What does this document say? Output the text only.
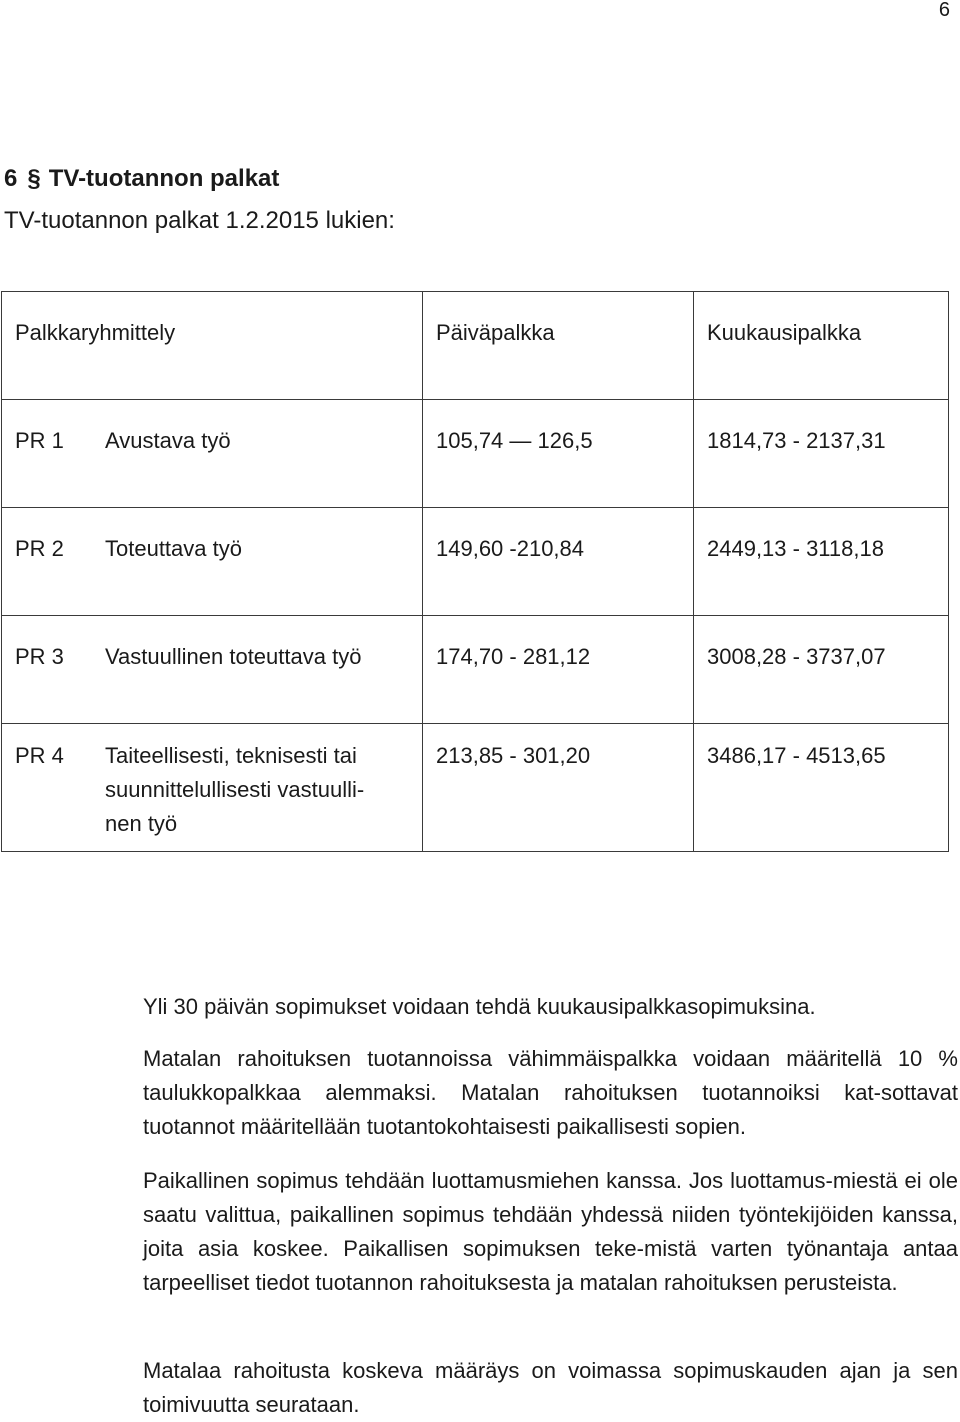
6
6 § TV-tuotannon palkat
TV-tuotannon palkat 1.2.2015 lukien:
Palkkaryhmittely	Päiväpalkka	Kuukausipalkka

PR 1 Avustava työ	105,74 — 126,5	1814,73 - 2137,31

PR 2 Toteuttava työ	149,60 -210,84	2449,13 - 3118,18

PR 3 Vastuullinen toteuttava työ	174,70 - 281,12	3008,28 - 3737,07

PR 4 Taiteellisesti, teknisesti tai
suunnittelullisesti vastuulli-
nen työ	213,85 - 301,20	3486,17 - 4513,65

Yli 30 päivän sopimukset voidaan tehdä kuukausipalkkasopimuksina.

Matalan rahoituksen tuotannoissa vähimmäispalkka voidaan määritellä 10 % taulukkopalkkaa alemmaksi. Matalan rahoituksen tuotannoiksi kat-sottavat tuotannot määritellään tuotantokohtaisesti paikallisesti sopien.

Paikallinen sopimus tehdään luottamusmiehen kanssa. Jos luottamus-miestä ei ole saatu valittua, paikallinen sopimus tehdään yhdessä niiden työntekijöiden kanssa, joita asia koskee. Paikallisen sopimuksen teke-mistä varten työnantaja antaa tarpeelliset tiedot tuotannon rahoituksesta ja matalan rahoituksen perusteista.

Matalaa rahoitusta koskeva määräys on voimassa sopimuskauden ajan ja sen toimivuutta seurataan.
